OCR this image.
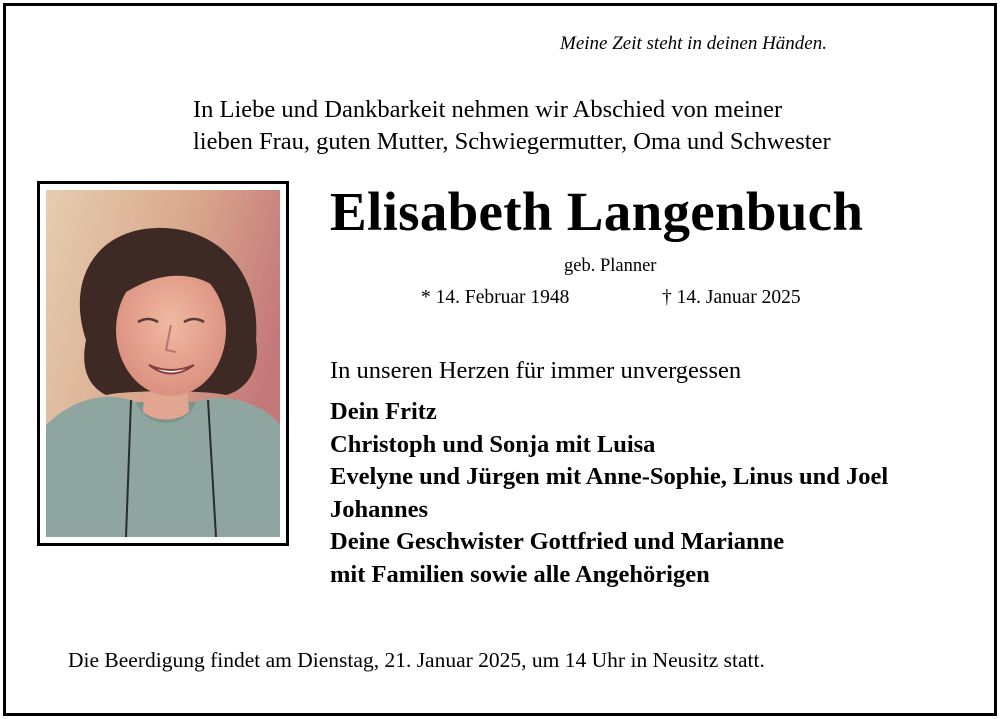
Meine Zeit steht in deinen Händen.
In Liebe und Dankbarkeit nehmen wir Abschied von meiner
lieben Frau, guten Mutter, Schwiegermutter, Oma und Schwester
Elisabeth Langenbuch
geb. Planner
* 14. Februar 1948	† 14. Januar 2025
In unseren Herzen für immer unvergessen
Dein Fritz
Christoph und Sonja mit Luisa
Evelyne und Jürgen mit Anne-Sophie, Linus und Joel
Johannes
Deine Geschwister Gottfried und Marianne
mit Familien sowie alle Angehörigen
Die Beerdigung findet am Dienstag, 21. Januar 2025, um 14 Uhr in Neusitz statt.
